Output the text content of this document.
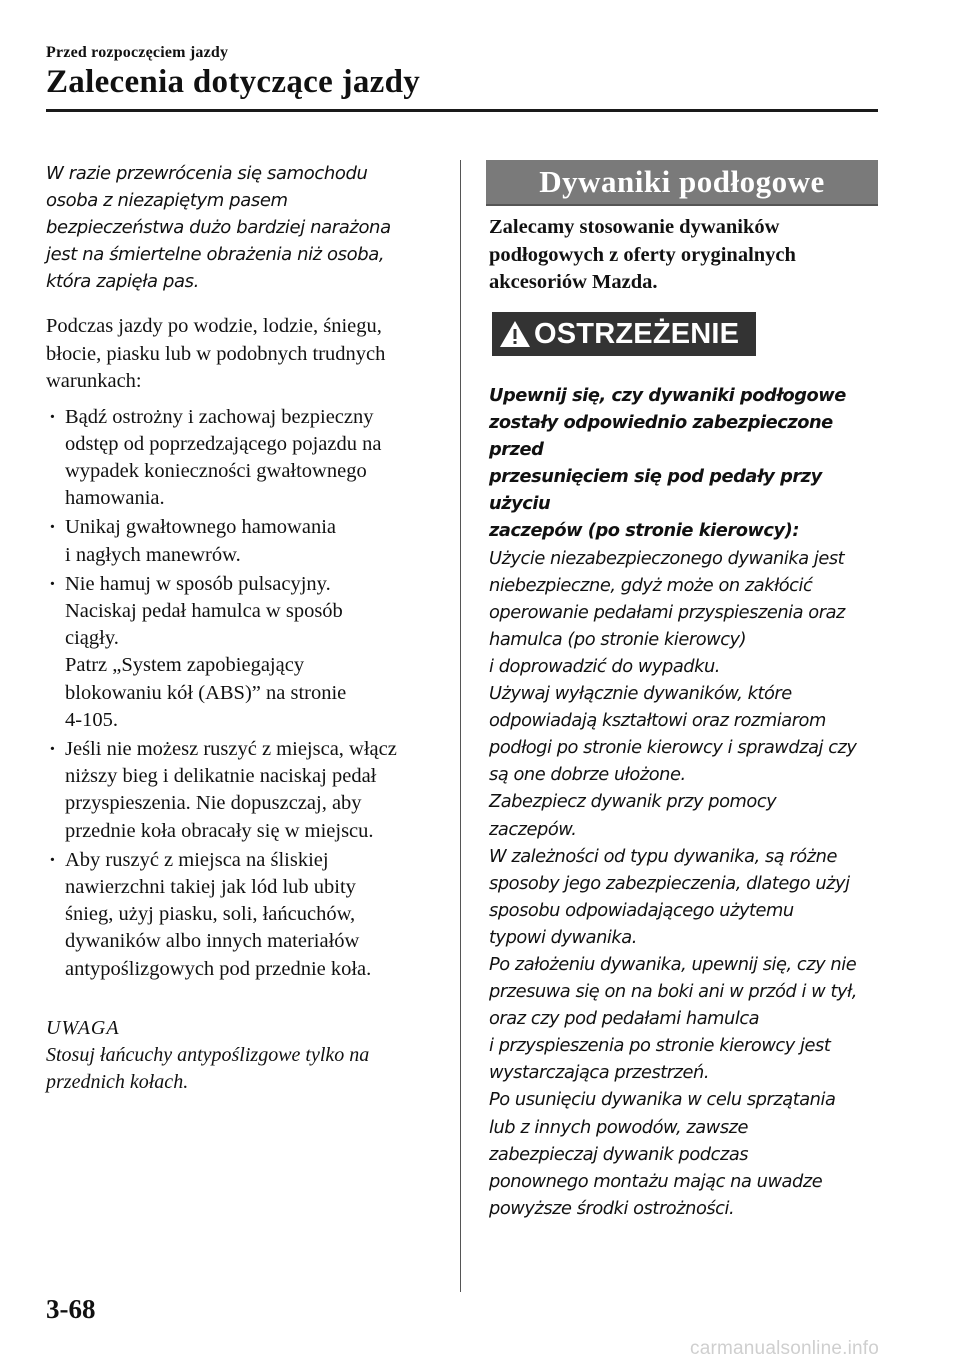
Przed rozpoczęciem jazdy
Zalecenia dotyczące jazdy
W razie przewrócenia się samochodu
osoba z niezapiętym pasem
bezpieczeństwa dużo bardziej narażona
jest na śmiertelne obrażenia niż osoba,
która zapięła pas.
Podczas jazdy po wodzie, lodzie, śniegu,
błocie, piasku lub w podobnych trudnych
warunkach:
· Bądź ostrożny i zachowaj bezpieczny
odstęp od poprzedzającego pojazdu na
wypadek konieczności gwałtownego
hamowania.
· Unikaj gwałtownego hamowania
i nagłych manewrów.
· Nie hamuj w sposób pulsacyjny.
Naciskaj pedał hamulca w sposób
ciągły.
Patrz „System zapobiegający
blokowaniu kół (ABS)” na stronie
4-105.
· Jeśli nie możesz ruszyć z miejsca, włącz
niższy bieg i delikatnie naciskaj pedał
przyspieszenia. Nie dopuszczaj, aby
przednie koła obracały się w miejscu.
· Aby ruszyć z miejsca na śliskiej
nawierzchni takiej jak lód lub ubity
śnieg, użyj piasku, soli, łańcuchów,
dywaników albo innych materiałów
antypoślizgowych pod przednie koła.
UWAGA
Stosuj łańcuchy antypoślizgowe tylko na
przednich kołach.
Dywaniki podłogowe
Zalecamy stosowanie dywaników
podłogowych z oferty oryginalnych
akcesoriów Mazda.
OSTRZEŻENIE
Upewnij się, czy dywaniki podłogowe
zostały odpowiednio zabezpieczone przed
przesunięciem się pod pedały przy użyciu
zaczepów (po stronie kierowcy):
Użycie niezabezpieczonego dywanika jest
niebezpieczne, gdyż może on zakłócić
operowanie pedałami przyspieszenia oraz
hamulca (po stronie kierowcy)
i doprowadzić do wypadku.
Używaj wyłącznie dywaników, które
odpowiadają kształtowi oraz rozmiarom
podłogi po stronie kierowcy i sprawdzaj czy
są one dobrze ułożone.
Zabezpiecz dywanik przy pomocy
zaczepów.
W zależności od typu dywanika, są różne
sposoby jego zabezpieczenia, dlatego użyj
sposobu odpowiadającego użytemu
typowi dywanika.
Po założeniu dywanika, upewnij się, czy nie
przesuwa się on na boki ani w przód i w tył,
oraz czy pod pedałami hamulca
i przyspieszenia po stronie kierowcy jest
wystarczająca przestrzeń.
Po usunięciu dywanika w celu sprzątania
lub z innych powodów, zawsze
zabezpieczaj dywanik podczas
ponownego montażu mając na uwadze
powyższe środki ostrożności.
3-68
carmanualsonline.info
